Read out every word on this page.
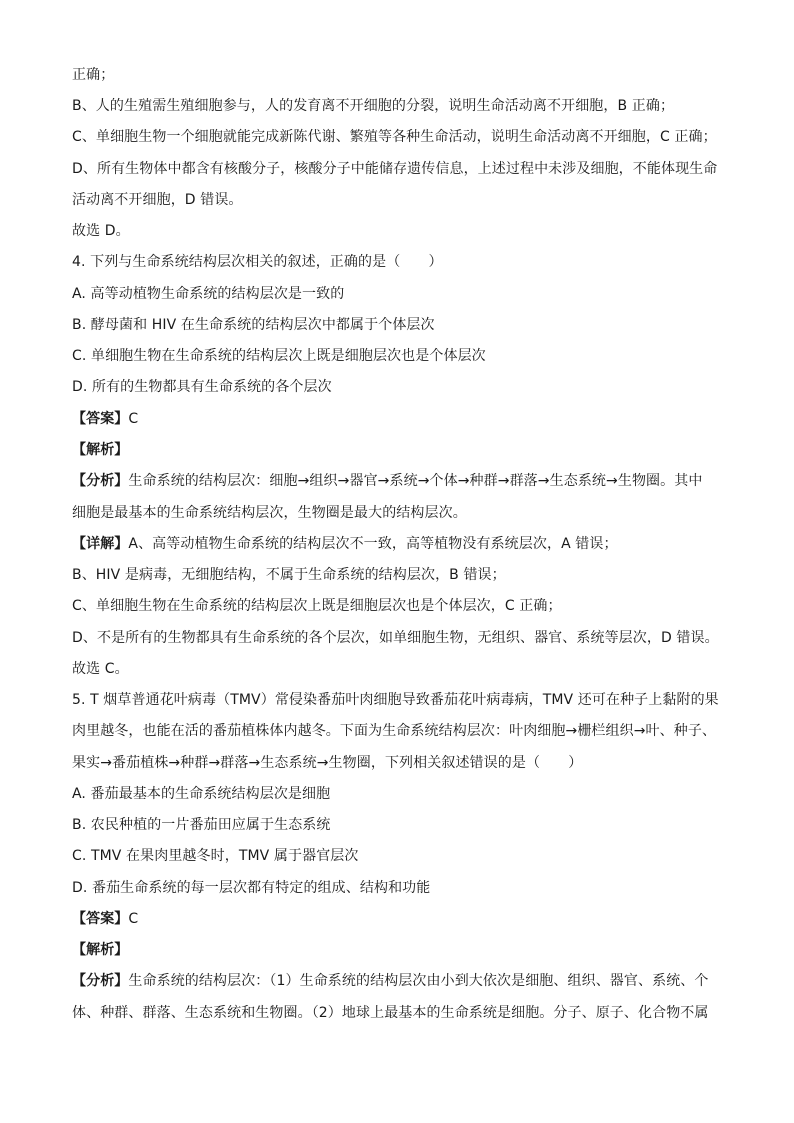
正确；
B、人的生殖需生殖细胞参与，人的发育离不开细胞的分裂，说明生命活动离不开细胞，B 正确；
C、单细胞生物一个细胞就能完成新陈代谢、繁殖等各种生命活动，说明生命活动离不开细胞，C 正确；
D、所有生物体中都含有核酸分子，核酸分子中能储存遗传信息，上述过程中未涉及细胞，不能体现生命
活动离不开细胞，D 错误。
故选 D。
4. 下列与生命系统结构层次相关的叙述，正确的是（　　）
A. 高等动植物生命系统的结构层次是一致的
B. 酵母菌和 HIV 在生命系统的结构层次中都属于个体层次
C. 单细胞生物在生命系统的结构层次上既是细胞层次也是个体层次
D. 所有的生物都具有生命系统的各个层次
【答案】C
【解析】
【分析】生命系统的结构层次：细胞→组织→器官→系统→个体→种群→群落→生态系统→生物圈。其中
细胞是最基本的生命系统结构层次，生物圈是最大的结构层次。
【详解】A、高等动植物生命系统的结构层次不一致，高等植物没有系统层次，A 错误；
B、HIV 是病毒，无细胞结构，不属于生命系统的结构层次，B 错误；
C、单细胞生物在生命系统的结构层次上既是细胞层次也是个体层次，C 正确；
D、不是所有的生物都具有生命系统的各个层次，如单细胞生物，无组织、器官、系统等层次，D 错误。
故选 C。
5. T 烟草普通花叶病毒（TMV）常侵染番茄叶肉细胞导致番茄花叶病毒病，TMV 还可在种子上黏附的果
肉里越冬，也能在活的番茄植株体内越冬。下面为生命系统结构层次：叶肉细胞→栅栏组织→叶、种子、
果实→番茄植株→种群→群落→生态系统→生物圈，下列相关叙述错误的是（　　）
A. 番茄最基本的生命系统结构层次是细胞
B. 农民种植的一片番茄田应属于生态系统
C. TMV 在果肉里越冬时，TMV 属于器官层次
D. 番茄生命系统的每一层次都有特定的组成、结构和功能
【答案】C
【解析】
【分析】生命系统的结构层次：（1）生命系统的结构层次由小到大依次是细胞、组织、器官、系统、个
体、种群、群落、生态系统和生物圈。（2）地球上最基本的生命系统是细胞。分子、原子、化合物不属
